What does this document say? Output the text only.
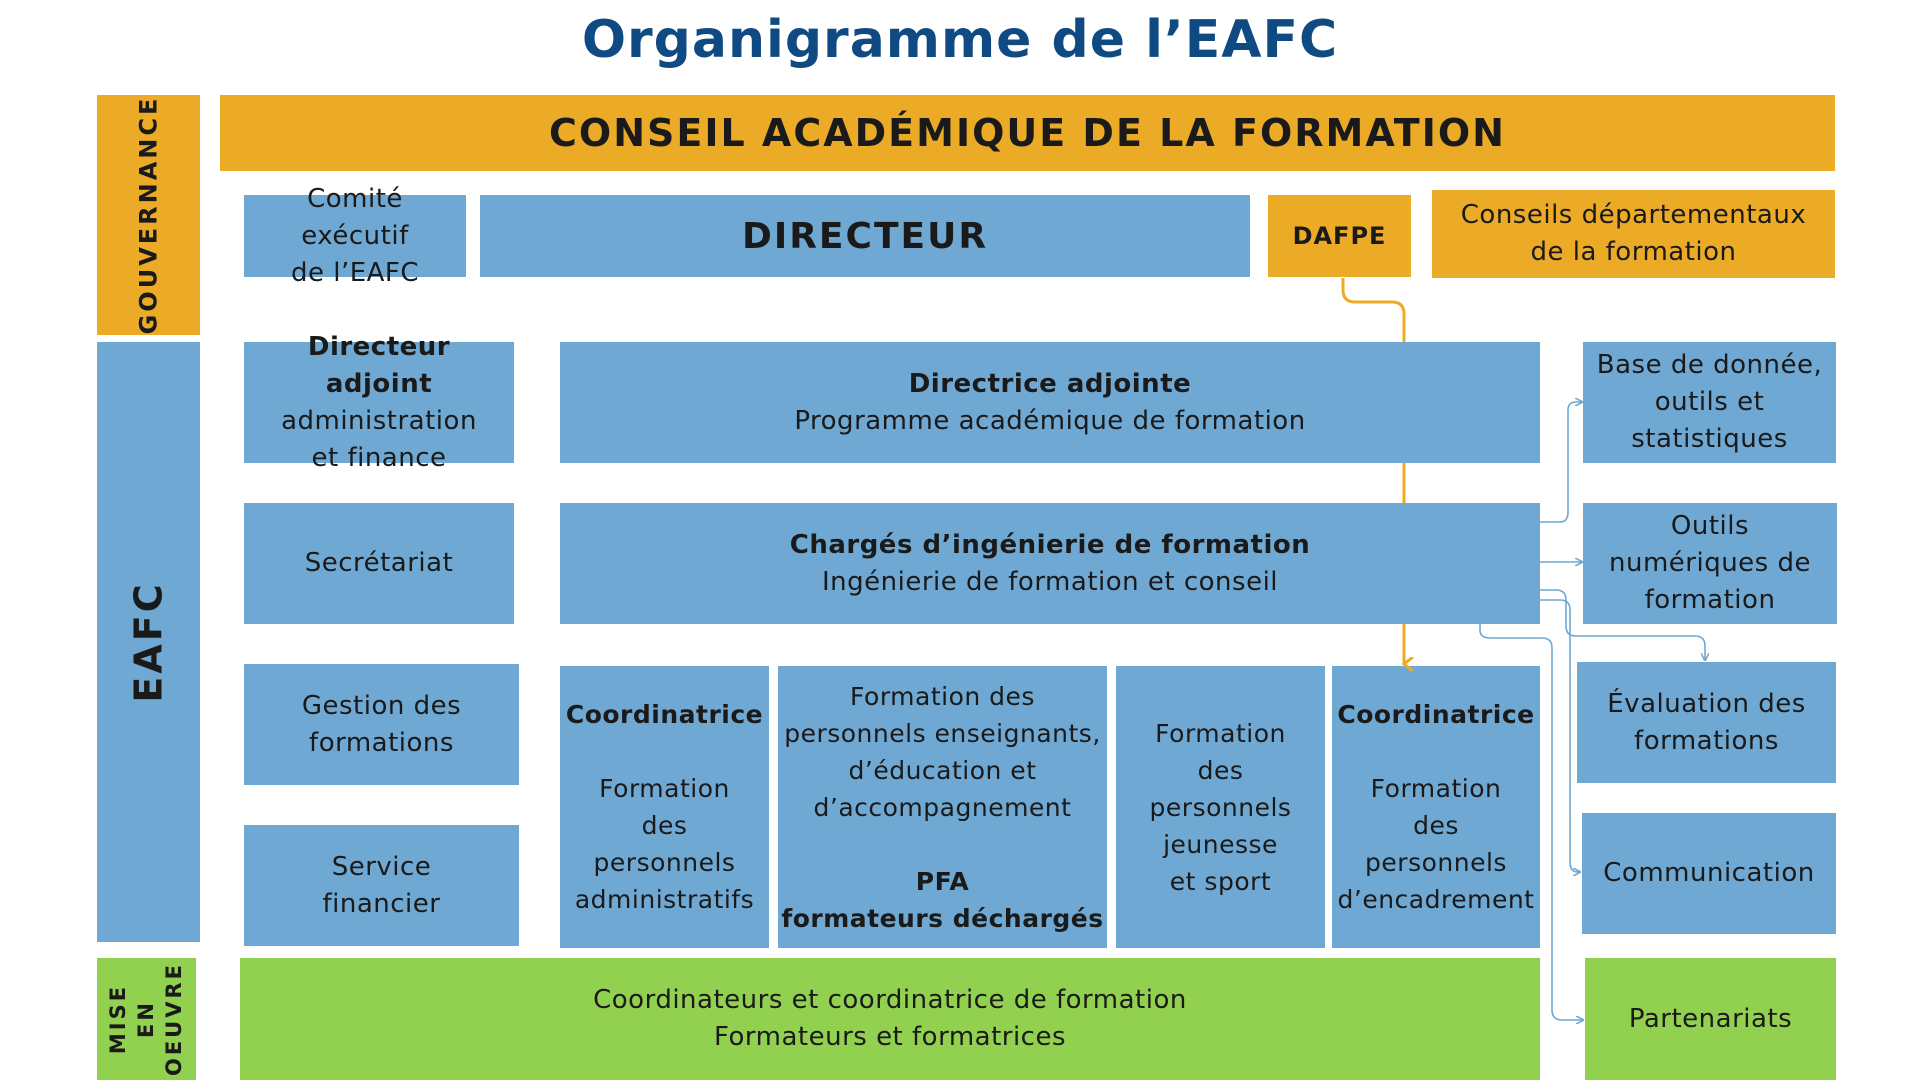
Organigramme de l’EAFC
GOUVERNANCE
EAFC
MISE EN OEUVRE
CONSEIL ACADÉMIQUE DE LA FORMATION
Comité exécutif
de l’EAFC
DIRECTEUR	DAFPE
Conseils départementaux
de la formation
Directeur adjoint
administration
et finance
Secrétariat
Gestion des
formations
Service
financier
Directrice adjointe
Programme académique de formation
Chargés d’ingénierie de formation
Ingénierie de formation et conseil
Coordinatrice
Formation
des
personnels
administratifs
Formation des
personnels enseignants,
d’éducation et
d’accompagnement
PFA
formateurs déchargés
Formation
des
personnels
jeunesse
et sport
Coordinatrice
Formation
des
personnels
d’encadrement
Base de donnée,
outils et
statistiques
Outils
numériques de
formation
Évaluation des
formations
Communication
Partenariats
Coordinateurs et coordinatrice de formation
Formateurs et formatrices
